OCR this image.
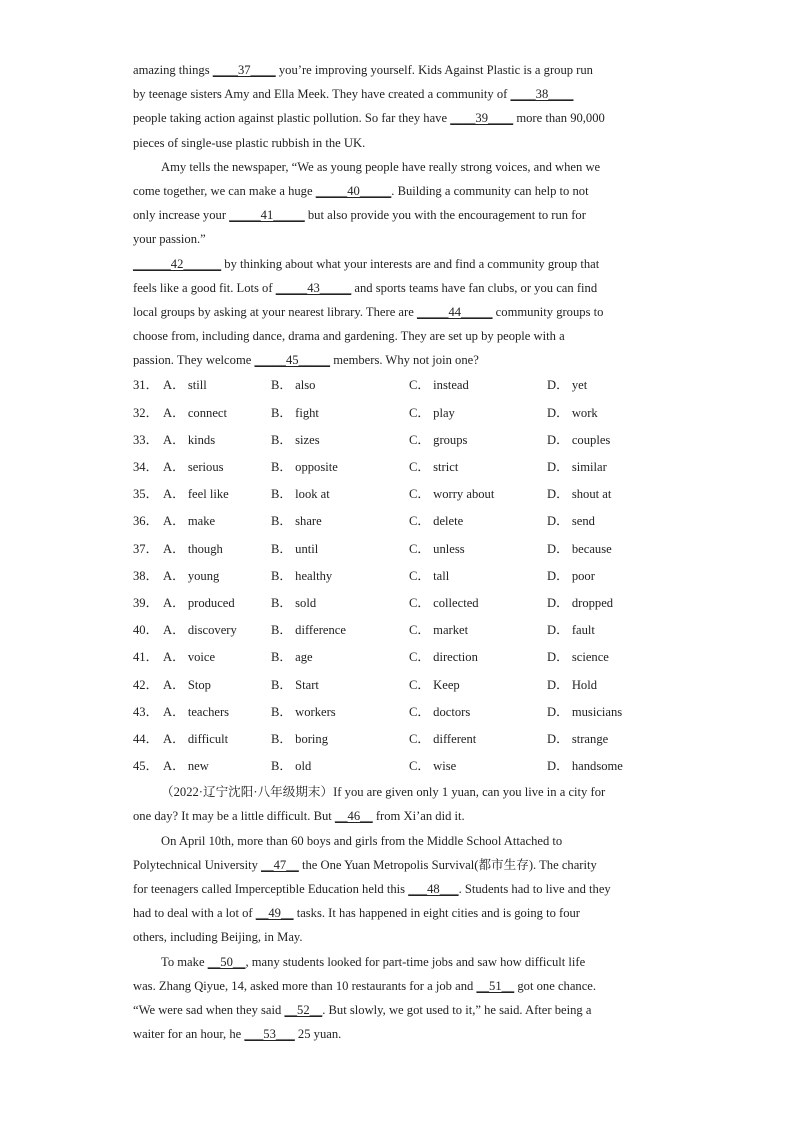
amazing things ____37____ you’re improving yourself. Kids Against Plastic is a group run
by teenage sisters Amy and Ella Meek. They have created a community of ____38____
people taking action against plastic pollution. So far they have ____39____ more than 90,000
pieces of single-use plastic rubbish in the UK.
Amy tells the newspaper, “We as young people have really strong voices, and when we
come together, we can make a huge _____40_____. Building a community can help to not
only increase your _____41_____ but also provide you with the encouragement to run for
your passion.”
______42______ by thinking about what your interests are and find a community group that
feels like a good fit. Lots of _____43_____ and sports teams have fan clubs, or you can find
local groups by asking at your nearest library. There are _____44_____ community groups to
choose from, including dance, drama and gardening. They are set up by people with a
passion. They welcome _____45_____ members. Why not join one?
31． A． still	B． also	C． instead	D． yet
32． A． connect	B． fight	C． play	D． work
33． A． kinds	B． sizes	C． groups	D． couples
34． A． serious	B． opposite	C． strict	D． similar
35． A． feel like	B． look at	C． worry about	D． shout at
36． A． make	B． share	C． delete	D． send
37． A． though	B． until	C． unless	D． because
38． A． young	B． healthy	C． tall	D． poor
39． A． produced	B． sold	C． collected	D． dropped
40． A． discovery	B． difference	C． market	D． fault
41． A． voice	B． age	C． direction	D． science
42． A． Stop	B． Start	C． Keep	D． Hold
43． A． teachers	B． workers	C． doctors	D． musicians
44． A． difficult	B． boring	C． different	D． strange
45． A． new	B． old	C． wise	D． handsome
（2022·辽宁沈阳·八年级期末）If you are given only 1 yuan, can you live in a city for
one day? It may be a little difficult. But __46__ from Xi’an did it.
On April 10th, more than 60 boys and girls from the Middle School Attached to
Polytechnical University __47__ the One Yuan Metropolis Survival(都市生存). The charity
for teenagers called Imperceptible Education held this ___48___. Students had to live and they
had to deal with a lot of __49__ tasks. It has happened in eight cities and is going to four
others, including Beijing, in May.
To make __50__, many students looked for part-time jobs and saw how difficult life
was. Zhang Qiyue, 14, asked more than 10 restaurants for a job and __51__ got one chance.
“We were sad when they said __52__. But slowly, we got used to it,” he said. After being a
waiter for an hour, he ___53___ 25 yuan.
